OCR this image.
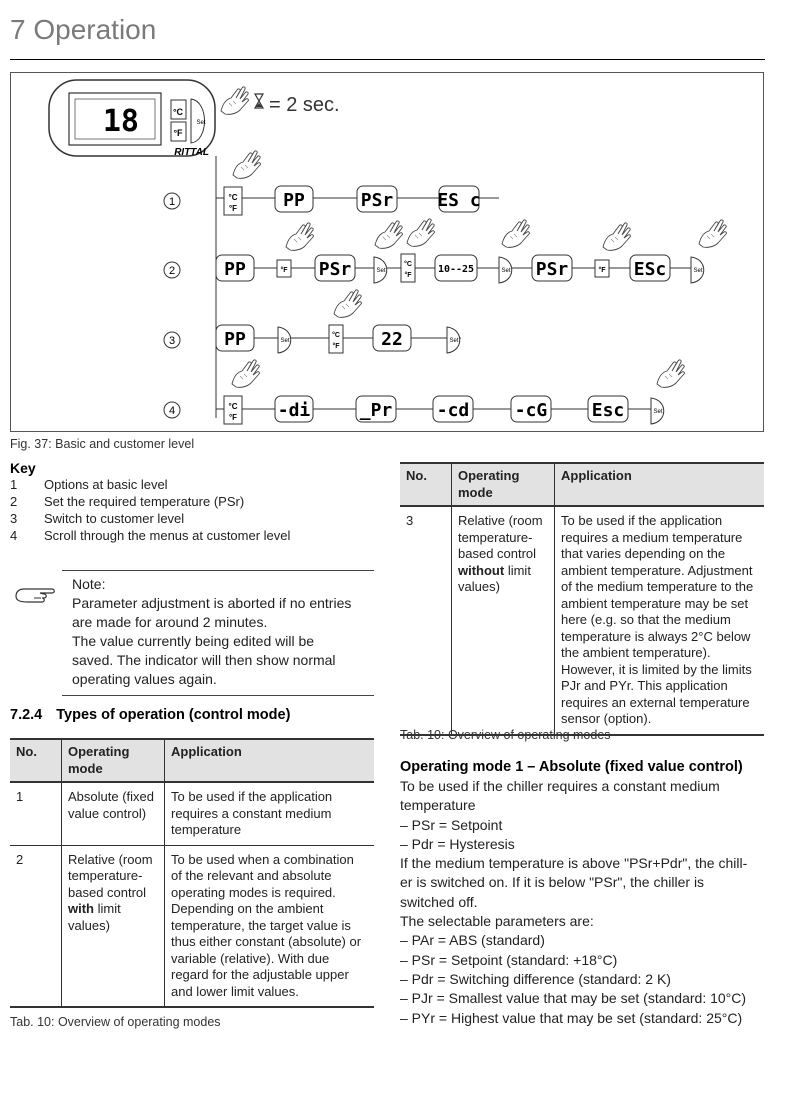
7 Operation
18	°C
°F
Set
RITTAL
= 2 sec.
1
2
3
4
°C
°F	PP	PSr ES c
PP	°F PSr	Set
°C
°F
10--25	Set PSr	°F ESc	Set
PP	Set
°C
°F 22	Set
°C
°F -di	_Pr -cd	-cG Esc	Set
Fig. 37: Basic and customer level
Key
1 Options at basic level
2 Set the required temperature (PSr)
3 Switch to customer level
4 Scroll through the menus at customer level
Note:
Parameter adjustment is aborted if no entries
are made for around 2 minutes.
The value currently being edited will be
saved. The indicator will then show normal
operating values again.
7.2.4 Types of operation (control mode)
No.	Operating mode	Application
1	Absolute (fixed value control)	To be used if the application requires a constant medium temperature
2	Relative (room temperature-based control with limit values)	To be used when a combination of the relevant and absolute operating modes is required. Depending on the ambient temperature, the target value is thus either constant (absolute) or variable (relative). With due regard for the adjustable upper and lower limit values.
Tab. 10: Overview of operating modes
No.	Operating mode	Application
3	Relative (room temperature-based control without limit values)	To be used if the application requires a medium temperature that varies depending on the ambient temperature. Adjustment of the medium temperature to the ambient temperature may be set here (e.g. so that the medium temperature is always 2°C below the ambient temperature). However, it is limited by the limits PJr and PYr. This application requires an external temperature sensor (option).
Tab. 10: Overview of operating modes
Operating mode 1 – Absolute (fixed value control)
To be used if the chiller requires a constant medium
temperature
– PSr = Setpoint
– Pdr = Hysteresis
If the medium temperature is above "PSr+Pdr", the chill-
er is switched on. If it is below "PSr", the chiller is
switched off.
The selectable parameters are:
– PAr = ABS (standard)
– PSr = Setpoint (standard: +18°C)
– Pdr = Switching difference (standard: 2 K)
– PJr = Smallest value that may be set (standard: 10°C)
– PYr = Highest value that may be set (standard: 25°C)
